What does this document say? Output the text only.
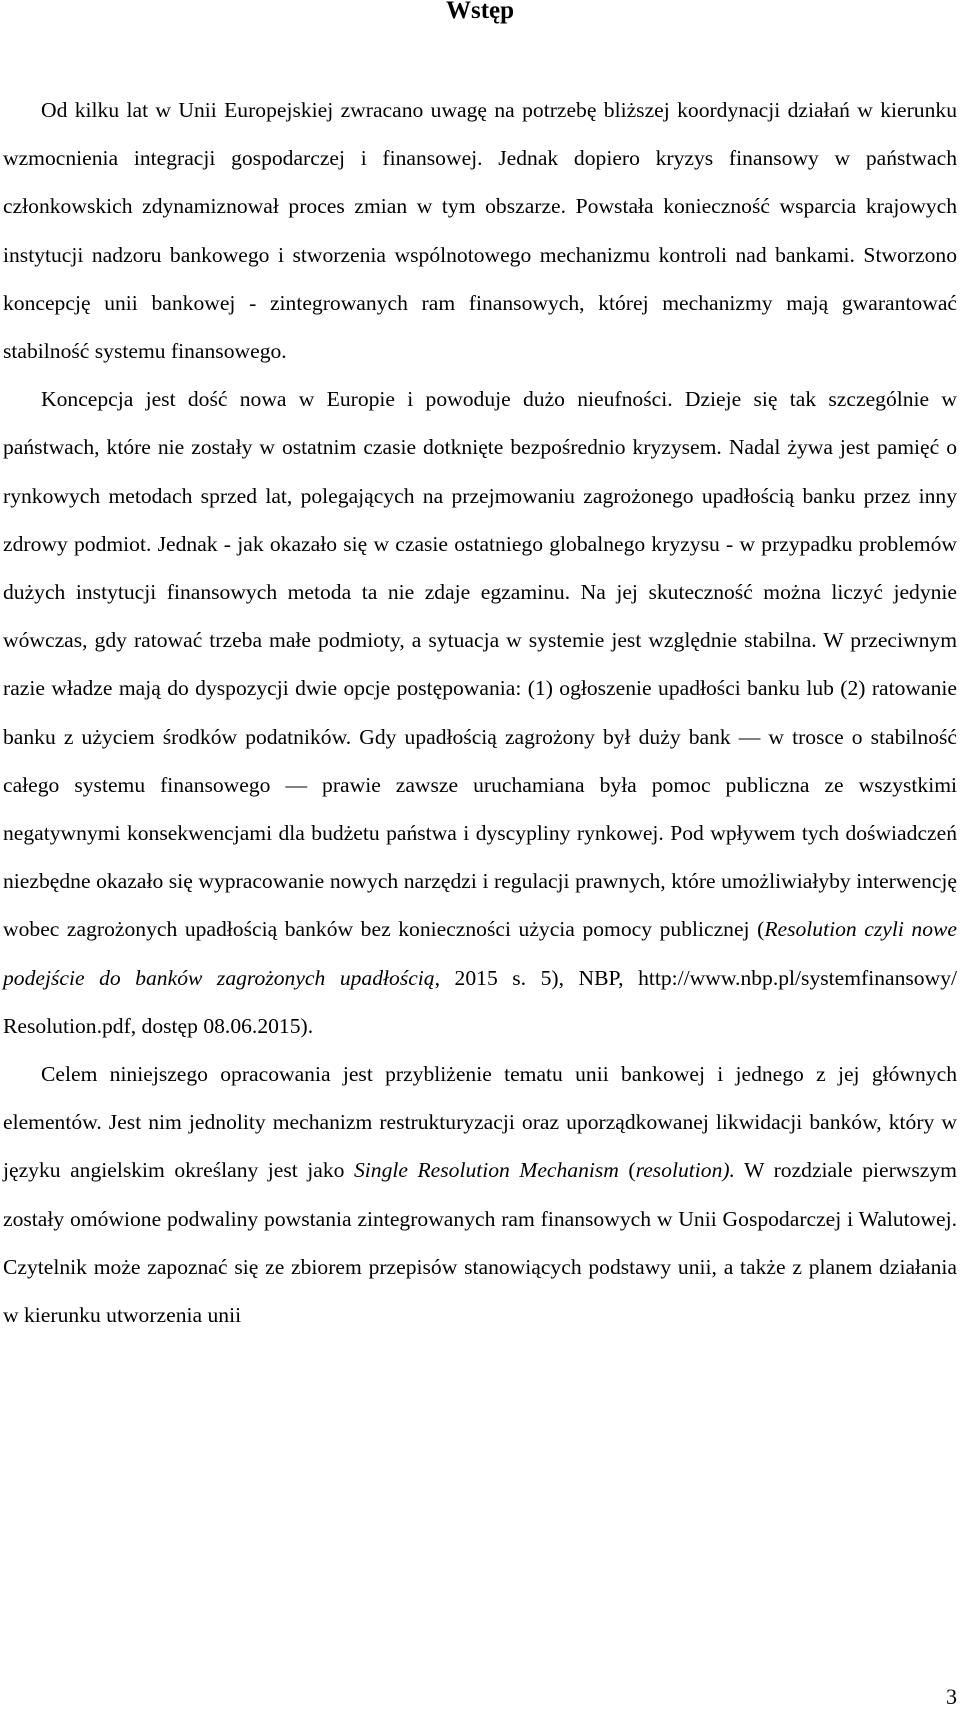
Wstęp

Od kilku lat w Unii Europejskiej zwracano uwagę na potrzebę bliższej koordynacji działań w kierunku wzmocnienia integracji gospodarczej i finansowej. Jednak dopiero kryzys finansowy w państwach członkowskich zdynamiznował proces zmian w tym obszarze. Powstała konieczność wsparcia krajowych instytucji nadzoru bankowego i stworzenia wspólnotowego mechanizmu kontroli nad bankami. Stworzono koncepcję unii bankowej - zintegrowanych ram finansowych, której mechanizmy mają gwarantować stabilność systemu finansowego.

Koncepcja jest dość nowa w Europie i powoduje dużo nieufności. Dzieje się tak szczególnie w państwach, które nie zostały w ostatnim czasie dotknięte bezpośrednio kryzysem. Nadal żywa jest pamięć o rynkowych metodach sprzed lat, polegających na przejmowaniu zagrożonego upadłością banku przez inny zdrowy podmiot. Jednak - jak okazało się w czasie ostatniego globalnego kryzysu - w przypadku problemów dużych instytucji finansowych metoda ta nie zdaje egzaminu. Na jej skuteczność można liczyć jedynie wówczas, gdy ratować trzeba małe podmioty, a sytuacja w systemie jest względnie stabilna. W przeciwnym razie władze mają do dyspozycji dwie opcje postępowania: (1) ogłoszenie upadłości banku lub (2) ratowanie banku z użyciem środków podatników. Gdy upadłością zagrożony był duży bank — w trosce o stabilność całego systemu finansowego — prawie zawsze uruchamiana była pomoc publiczna ze wszystkimi negatywnymi konsekwencjami dla budżetu państwa i dyscypliny rynkowej. Pod wpływem tych doświadczeń niezbędne okazało się wypracowanie nowych narzędzi i regulacji prawnych, które umożliwiałyby interwencję wobec zagrożonych upadłością banków bez konieczności użycia pomocy publicznej (Resolution czyli nowe podejście do banków zagrożonych upadłością, 2015 s. 5), NBP, http://www.nbp.pl/systemfinansowy/ Resolution.pdf, dostęp 08.06.2015).

Celem niniejszego opracowania jest przybliżenie tematu unii bankowej i jednego z jej głównych elementów. Jest nim jednolity mechanizm restrukturyzacji oraz uporządkowanej likwidacji banków, który w języku angielskim określany jest jako Single Resolution Mechanism (resolution). W rozdziale pierwszym zostały omówione podwaliny powstania zintegrowanych ram finansowych w Unii Gospodarczej i Walutowej. Czytelnik może zapoznać się ze zbiorem przepisów stanowiących podstawy unii, a także z planem działania w kierunku utworzenia unii

3
